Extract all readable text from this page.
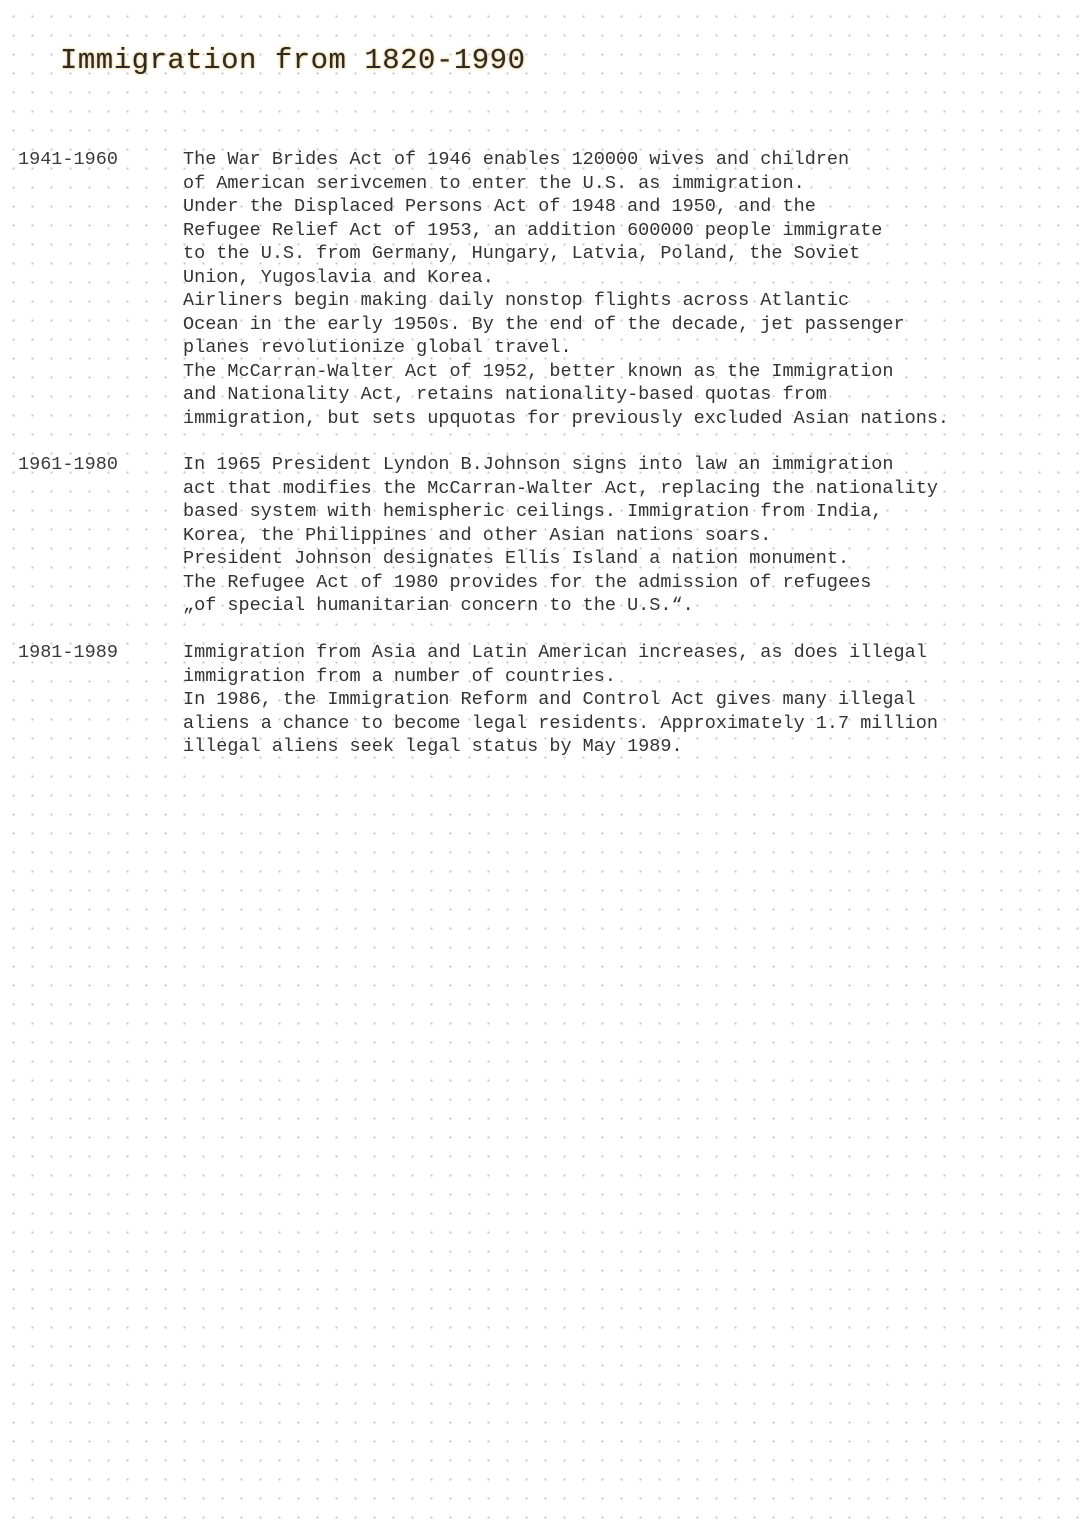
Immigration from 1820-1990
1941-1960	The War Brides Act of 1946 enables 120000 wives and children
of American serivcemen to enter the U.S. as immigration.
Under the Displaced Persons Act of 1948 and 1950, and the
Refugee Relief Act of 1953, an addition 600000 people immigrate
to the U.S. from Germany, Hungary, Latvia, Poland, the Soviet
Union, Yugoslavia and Korea.
Airliners begin making daily nonstop flights across Atlantic
Ocean in the early 1950s. By the end of the decade, jet passenger
planes revolutionize global travel.
The McCarran-Walter Act of 1952, better known as the Immigration
and Nationality Act, retains nationality-based quotas from
immigration, but sets upquotas for previously excluded Asian nations.
1961-1980	In 1965 President Lyndon B.Johnson signs into law an immigration
act that modifies the McCarran-Walter Act, replacing the nationality
based system with hemispheric ceilings. Immigration from India,
Korea, the Philippines and other Asian nations soars.
President Johnson designates Ellis Island a nation monument.
The Refugee Act of 1980 provides for the admission of refugees
„of special humanitarian concern to the U.S.“.
1981-1989	Immigration from Asia and Latin American increases, as does illegal
immigration from a number of countries.
In 1986, the Immigration Reform and Control Act gives many illegal
aliens a chance to become legal residents. Approximately 1.7 million
illegal aliens seek legal status by May 1989.
